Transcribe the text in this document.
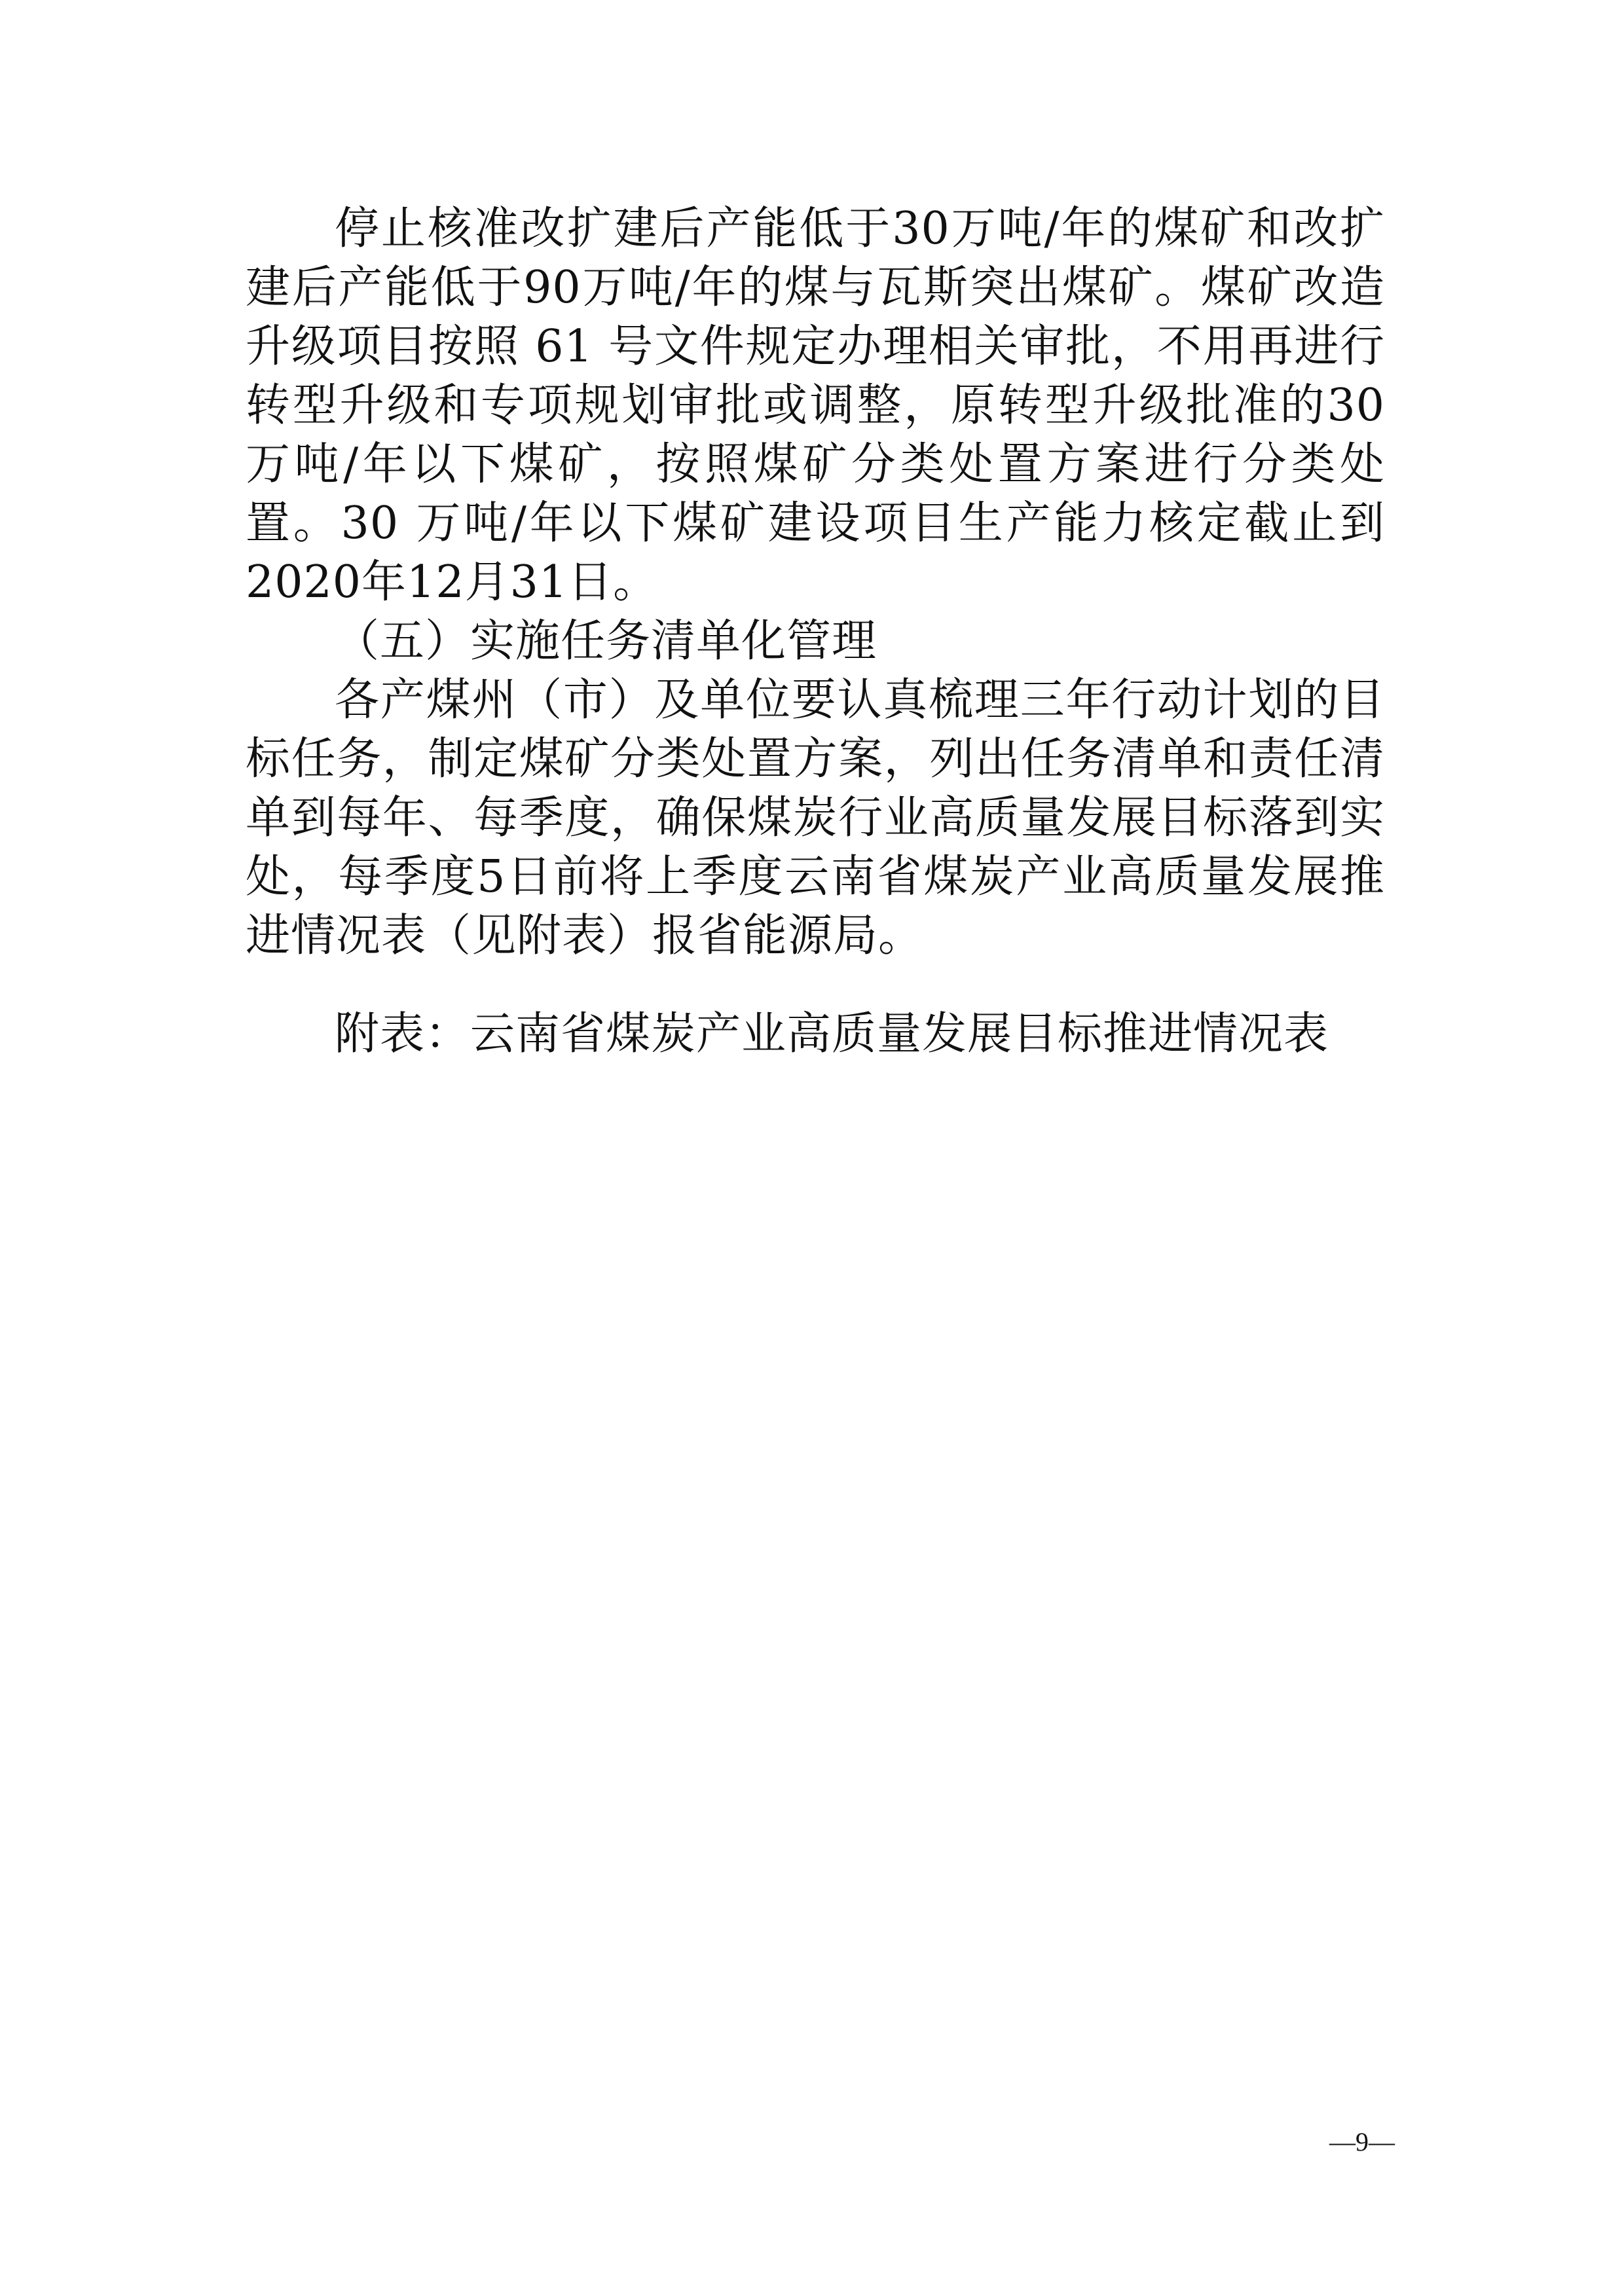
停止核准改扩建后产能低于30万吨/年的煤矿和改扩建后产能低于90万吨/年的煤与瓦斯突出煤矿。煤矿改造升级项目按照 61 号文件规定办理相关审批，不用再进行转型升级和专项规划审批或调整，原转型升级批准的30万吨/年以下煤矿，按照煤矿分类处置方案进行分类处置。30 万吨/年以下煤矿建设项目生产能力核定截止到2020年12月31日。

（五）实施任务清单化管理

各产煤州（市）及单位要认真梳理三年行动计划的目标任务，制定煤矿分类处置方案，列出任务清单和责任清单到每年、每季度，确保煤炭行业高质量发展目标落到实处，每季度5日前将上季度云南省煤炭产业高质量发展推进情况表（见附表）报省能源局。

附表：云南省煤炭产业高质量发展目标推进情况表

—9—
